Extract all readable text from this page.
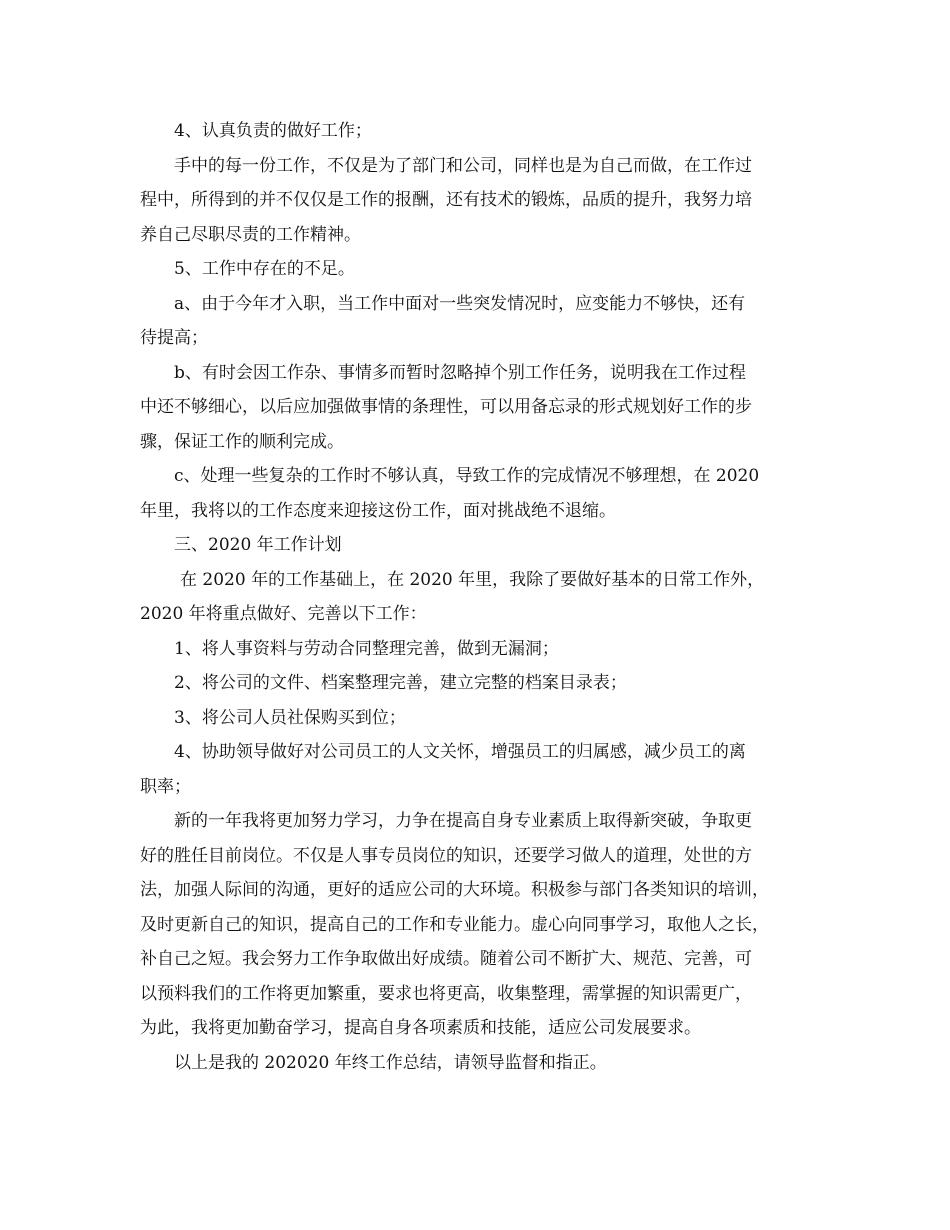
4、认真负责的做好工作；
手中的每一份工作，不仅是为了部门和公司，同样也是为自己而做，在工作过
程中，所得到的并不仅仅是工作的报酬，还有技术的锻炼，品质的提升，我努力培
养自己尽职尽责的工作精神。
5、工作中存在的不足。
a、由于今年才入职，当工作中面对一些突发情况时，应变能力不够快，还有
待提高；
b、有时会因工作杂、事情多而暂时忽略掉个别工作任务，说明我在工作过程
中还不够细心，以后应加强做事情的条理性，可以用备忘录的形式规划好工作的步
骤，保证工作的顺利完成。
c、处理一些复杂的工作时不够认真，导致工作的完成情况不够理想，在 2020
年里，我将以的工作态度来迎接这份工作，面对挑战绝不退缩。
三、2020 年工作计划
在 2020 年的工作基础上，在 2020 年里，我除了要做好基本的日常工作外，
2020 年将重点做好、完善以下工作：
1、将人事资料与劳动合同整理完善，做到无漏洞；
2、将公司的文件、档案整理完善，建立完整的档案目录表；
3、将公司人员社保购买到位；
4、协助领导做好对公司员工的人文关怀，增强员工的归属感，减少员工的离
职率；
新的一年我将更加努力学习，力争在提高自身专业素质上取得新突破，争取更
好的胜任目前岗位。不仅是人事专员岗位的知识，还要学习做人的道理，处世的方
法，加强人际间的沟通，更好的适应公司的大环境。积极参与部门各类知识的培训，
及时更新自己的知识，提高自己的工作和专业能力。虚心向同事学习，取他人之长，
补自己之短。我会努力工作争取做出好成绩。随着公司不断扩大、规范、完善，可
以预料我们的工作将更加繁重，要求也将更高，收集整理，需掌握的知识需更广，
为此，我将更加勤奋学习，提高自身各项素质和技能，适应公司发展要求。
以上是我的 202020 年终工作总结，请领导监督和指正。
